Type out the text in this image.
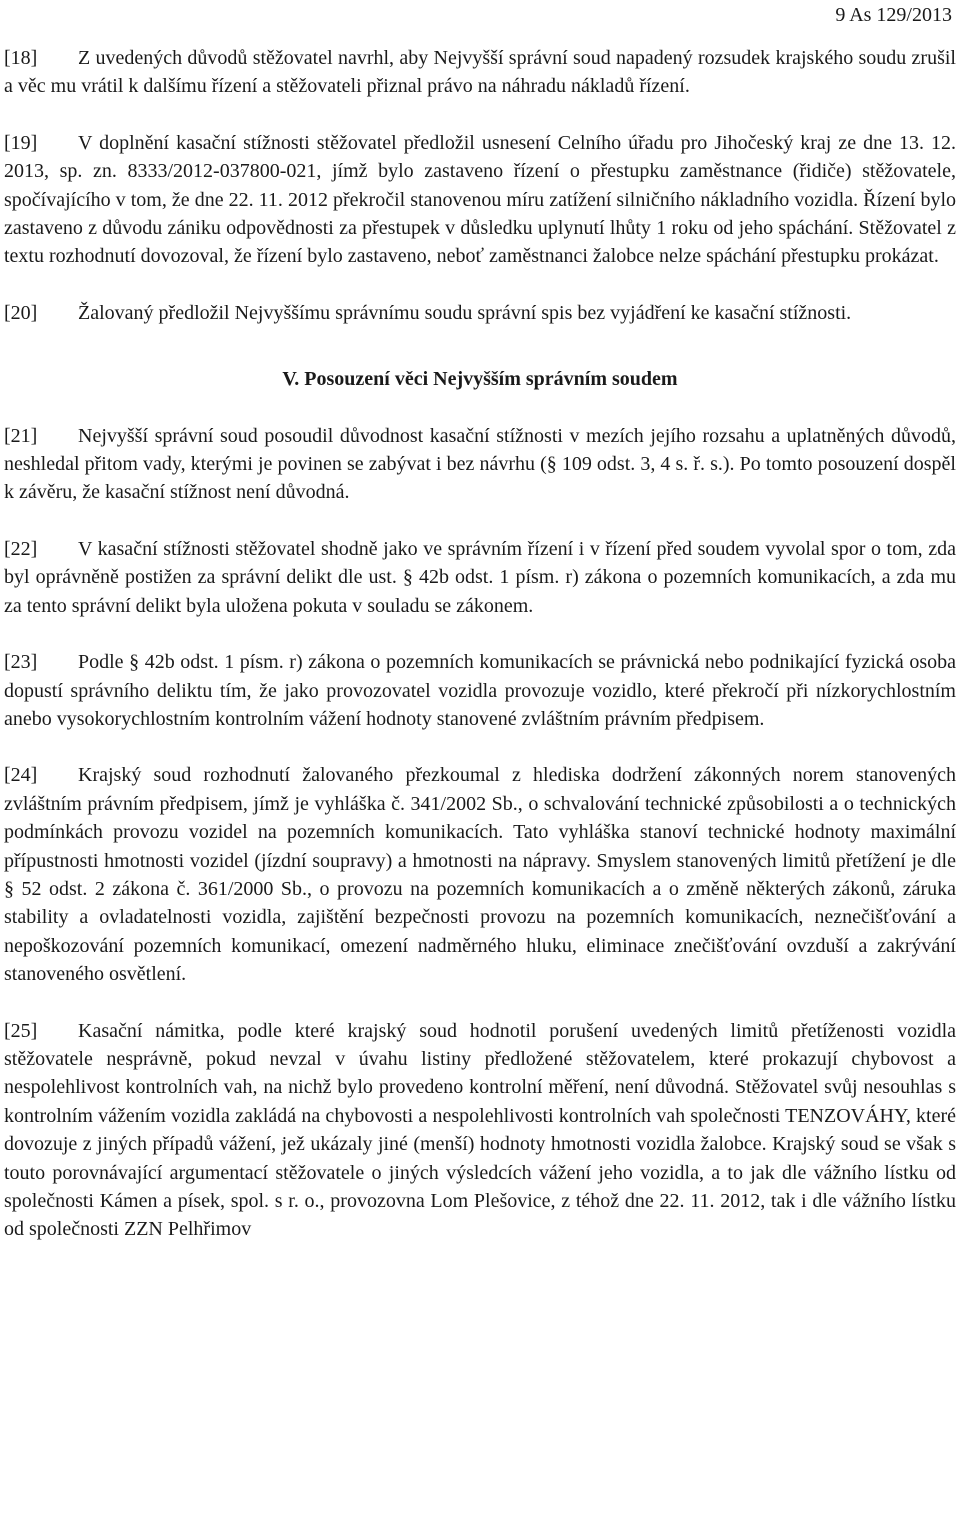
9 As 129/2013

[18] Z uvedených důvodů stěžovatel navrhl, aby Nejvyšší správní soud napadený rozsudek krajského soudu zrušil a věc mu vrátil k dalšímu řízení a stěžovateli přiznal právo na náhradu nákladů řízení.

[19] V doplnění kasační stížnosti stěžovatel předložil usnesení Celního úřadu pro Jihočeský kraj ze dne 13. 12. 2013, sp. zn. 8333/2012-037800-021, jímž bylo zastaveno řízení o přestupku zaměstnance (řidiče) stěžovatele, spočívajícího v tom, že dne 22. 11. 2012 překročil stanovenou míru zatížení silničního nákladního vozidla. Řízení bylo zastaveno z důvodu zániku odpovědnosti za přestupek v důsledku uplynutí lhůty 1 roku od jeho spáchání. Stěžovatel z textu rozhodnutí dovozoval, že řízení bylo zastaveno, neboť zaměstnanci žalobce nelze spáchání přestupku prokázat.

[20] Žalovaný předložil Nejvyššímu správnímu soudu správní spis bez vyjádření ke kasační stížnosti.

V. Posouzení věci Nejvyšším správním soudem

[21] Nejvyšší správní soud posoudil důvodnost kasační stížnosti v mezích jejího rozsahu a uplatněných důvodů, neshledal přitom vady, kterými je povinen se zabývat i bez návrhu (§ 109 odst. 3, 4 s. ř. s.). Po tomto posouzení dospěl k závěru, že kasační stížnost není důvodná.

[22] V kasační stížnosti stěžovatel shodně jako ve správním řízení i v řízení před soudem vyvolal spor o tom, zda byl oprávněně postižen za správní delikt dle ust. § 42b odst. 1 písm. r) zákona o pozemních komunikacích, a zda mu za tento správní delikt byla uložena pokuta v souladu se zákonem.

[23] Podle § 42b odst. 1 písm. r) zákona o pozemních komunikacích se právnická nebo podnikající fyzická osoba dopustí správního deliktu tím, že jako provozovatel vozidla provozuje vozidlo, které překročí při nízkorychlostním anebo vysokorychlostním kontrolním vážení hodnoty stanovené zvláštním právním předpisem.

[24] Krajský soud rozhodnutí žalovaného přezkoumal z hlediska dodržení zákonných norem stanovených zvláštním právním předpisem, jímž je vyhláška č. 341/2002 Sb., o schvalování technické způsobilosti a o technických podmínkách provozu vozidel na pozemních komunikacích. Tato vyhláška stanoví technické hodnoty maximální přípustnosti hmotnosti vozidel (jízdní soupravy) a hmotnosti na nápravy. Smyslem stanovených limitů přetížení je dle § 52 odst. 2 zákona č. 361/2000 Sb., o provozu na pozemních komunikacích a o změně některých zákonů, záruka stability a ovladatelnosti vozidla, zajištění bezpečnosti provozu na pozemních komunikacích, neznečišťování a nepoškozování pozemních komunikací, omezení nadměrného hluku, eliminace znečišťování ovzduší a zakrývání stanoveného osvětlení.

[25] Kasační námitka, podle které krajský soud hodnotil porušení uvedených limitů přetíženosti vozidla stěžovatele nesprávně, pokud nevzal v úvahu listiny předložené stěžovatelem, které prokazují chybovost a nespolehlivost kontrolních vah, na nichž bylo provedeno kontrolní měření, není důvodná. Stěžovatel svůj nesouhlas s kontrolním vážením vozidla zakládá na chybovosti a nespolehlivosti kontrolních vah společnosti TENZOVÁHY, které dovozuje z jiných případů vážení, jež ukázaly jiné (menší) hodnoty hmotnosti vozidla žalobce. Krajský soud se však s touto porovnávající argumentací stěžovatele o jiných výsledcích vážení jeho vozidla, a to jak dle vážního lístku od společnosti Kámen a písek, spol. s r. o., provozovna Lom Plešovice, z téhož dne 22. 11. 2012, tak i dle vážního lístku od společnosti ZZN Pelhřimov
